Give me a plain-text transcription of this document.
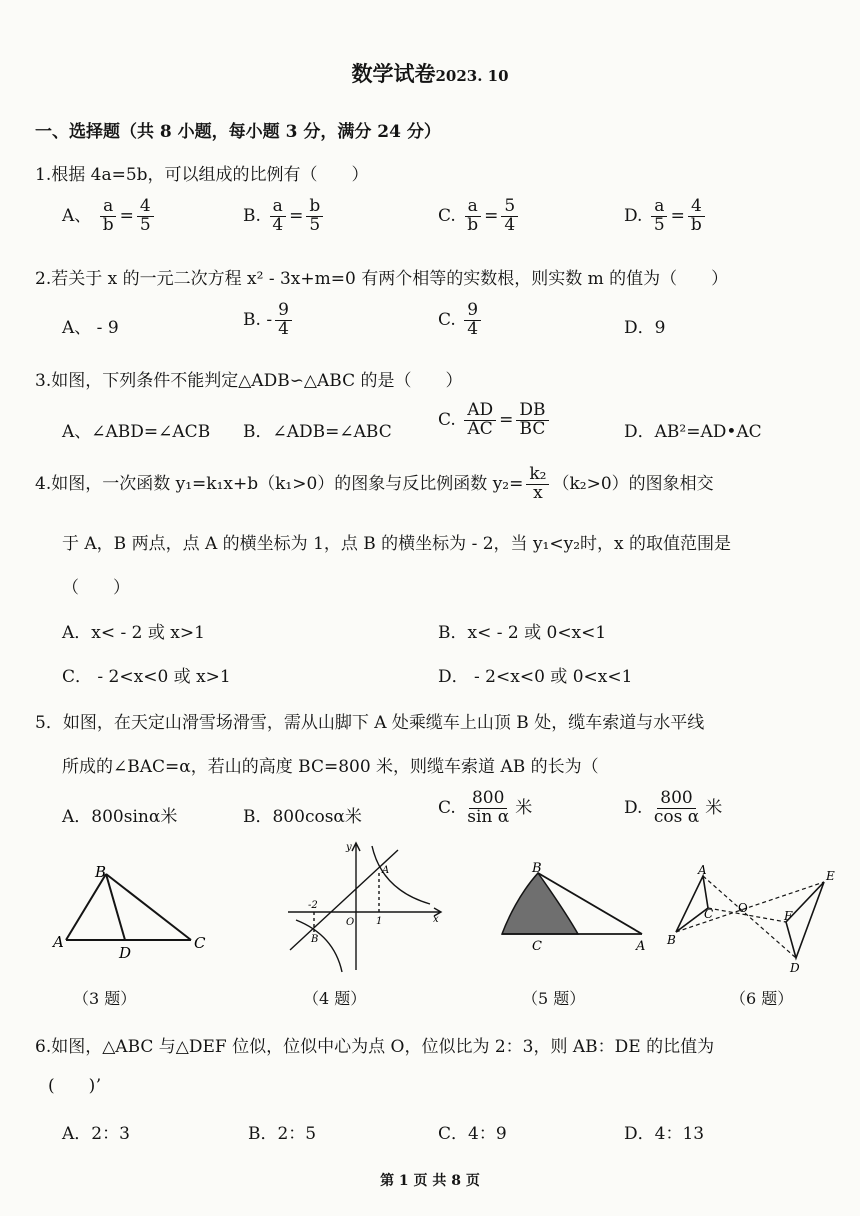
数学试卷2023. 10
一、选择题（共 8 小题，每小题 3 分，满分 24 分）
1.根据 4a=5b，可以组成的比例有（　　）
A、 $\frac{a}{b} = \frac{4}{5}$	B. $\frac{a}{4} = \frac{b}{5}$	C. $\frac{a}{b} = \frac{5}{4}$	D. $\frac{a}{5} = \frac{4}{b}$
2.若关于 x 的一元二次方程 x² - 3x+m=0 有两个相等的实数根，则实数 m 的值为（　　）
A、 - 9	B. - $\frac{9}{4}$	C. $\frac{9}{4}$	D．9
3.如图，下列条件不能判定△ADB∽△ABC 的是（　　）
A、∠ABD=∠ACB B．∠ADB=∠ABC
C. $\frac{AD}{AC} = \frac{DB}{BC}$	D．AB²=AD•AC
4.如图，一次函数 y₁=k₁x+b（k₁>0）的图象与反比例函数 $y_2= \frac{\text{k₂}}{x} (k_2>0)$的图象相交
于 A，B 两点，点 A 的横坐标为 1，点 B 的横坐标为 - 2，当 y₁<y₂时，x 的取值范围是
（　　）
A．x< - 2 或 x>1	B．x< - 2 或 0<x<1
C． - 2<x<0 或 x>1	D． - 2<x<0 或 0<x<1
5．如图，在天定山滑雪场滑雪，需从山脚下 A 处乘缆车上山顶 B 处，缆车索道与水平线
所成的∠BAC=α，若山的高度 BC=800 米，则缆车索道 AB 的长为（
A．800sinα米	B．800cosα米	C. $\frac{800}{\text{sin α}}$ 米	D. $\frac{800}{\text{cos α}}$ 米
B
A
D
C
（3 题）
y
x
O
-2
1
A
B
（4 题）
B
C	A
（5 题）
A
B
C O
E
F
D
（6 题）
6.如图，△ABC 与△DEF 位似，位似中心为点 O，位似比为 2：3，则 AB：DE 的比值为
(　　)ʼ
A．2：3	B．2：5	C．4：9	D．4：13
第 1 页 共 8 页
